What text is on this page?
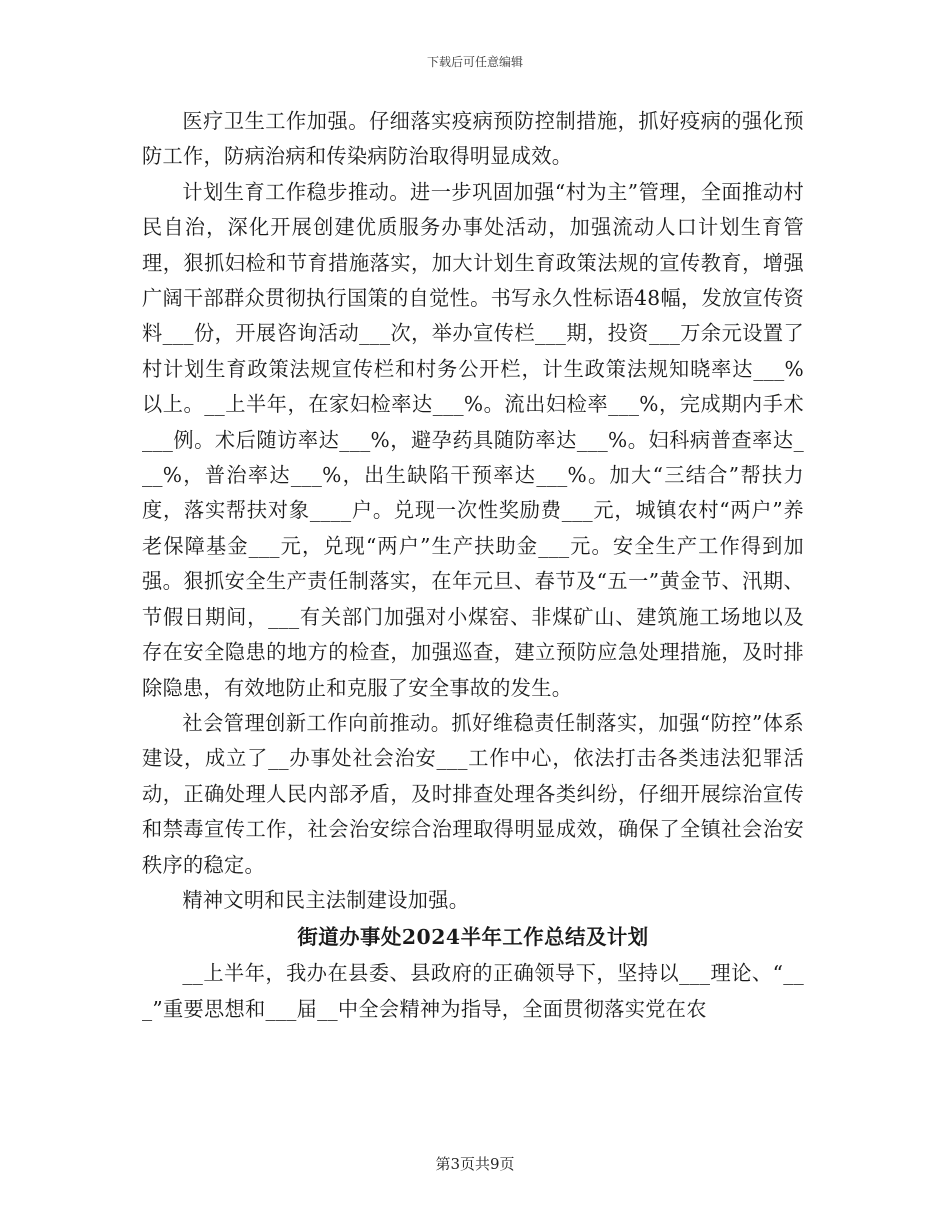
下载后可任意编辑

医疗卫生工作加强。仔细落实疫病预防控制措施，抓好疫病的强化预防工作，防病治病和传染病防治取得明显成效。

计划生育工作稳步推动。进一步巩固加强“村为主”管理，全面推动村民自治，深化开展创建优质服务办事处活动，加强流动人口计划生育管理，狠抓妇检和节育措施落实，加大计划生育政策法规的宣传教育，增强广阔干部群众贯彻执行国策的自觉性。书写永久性标语48幅，发放宣传资料___份，开展咨询活动___次，举办宣传栏___期，投资___万余元设置了村计划生育政策法规宣传栏和村务公开栏，计生政策法规知晓率达___%以上。__上半年，在家妇检率达___%。流出妇检率___%，完成期内手术___例。术后随访率达___%，避孕药具随防率达___%。妇科病普查率达___%，普治率达___%，出生缺陷干预率达___%。加大“三结合”帮扶力度，落实帮扶对象____户。兑现一次性奖励费___元，城镇农村“两户”养老保障基金___元，兑现“两户”生产扶助金___元。安全生产工作得到加强。狠抓安全生产责任制落实，在年元旦、春节及“五一”黄金节、汛期、节假日期间，___有关部门加强对小煤窑、非煤矿山、建筑施工场地以及存在安全隐患的地方的检查，加强巡查，建立预防应急处理措施，及时排除隐患，有效地防止和克服了安全事故的发生。

社会管理创新工作向前推动。抓好维稳责任制落实，加强“防控”体系建设，成立了__办事处社会治安___工作中心，依法打击各类违法犯罪活动，正确处理人民内部矛盾，及时排查处理各类纠纷，仔细开展综治宣传和禁毒宣传工作，社会治安综合治理取得明显成效，确保了全镇社会治安秩序的稳定。

精神文明和民主法制建设加强。

街道办事处2024半年工作总结及计划

__上半年，我办在县委、县政府的正确领导下，坚持以___理论、“___”重要思想和___届__中全会精神为指导，全面贯彻落实党在农

第3页共9页
